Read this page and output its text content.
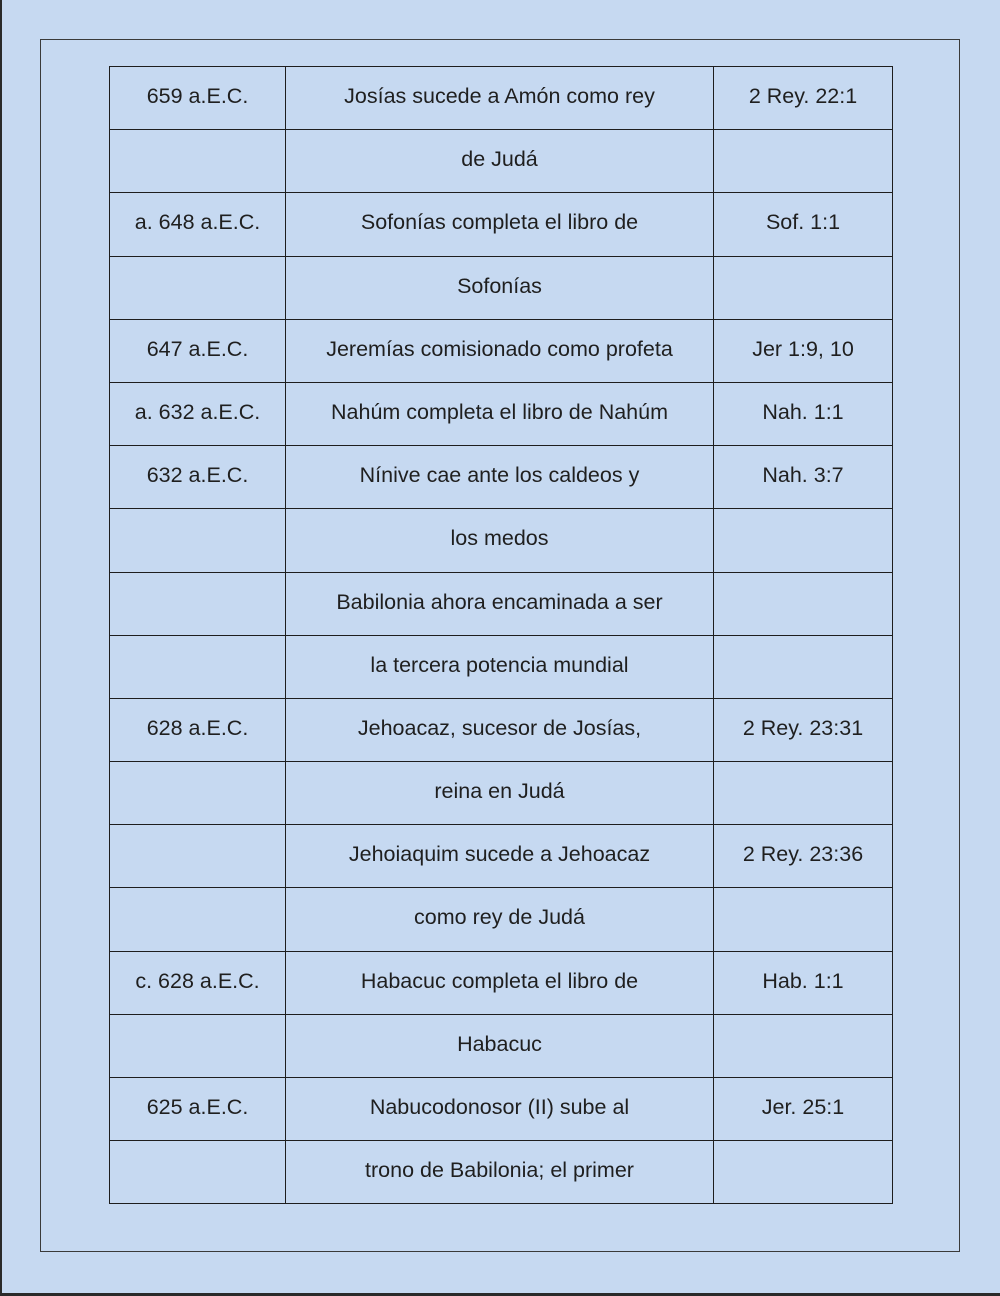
659 a.E.C.	Josías sucede a Amón como rey	2 Rey. 22:1
	de Judá	
a. 648 a.E.C.	Sofonías completa el libro de	Sof. 1:1
	Sofonías	
647 a.E.C.	Jeremías comisionado como profeta	Jer 1:9, 10
a. 632 a.E.C.	Nahúm completa el libro de Nahúm	Nah. 1:1
632 a.E.C.	Nínive cae ante los caldeos y	Nah. 3:7
	los medos	
	Babilonia ahora encaminada a ser	
	la tercera potencia mundial	
628 a.E.C.	Jehoacaz, sucesor de Josías,	2 Rey. 23:31
	reina en Judá	
	Jehoiaquim sucede a Jehoacaz	2 Rey. 23:36
	como rey de Judá	
c. 628 a.E.C.	Habacuc completa el libro de	Hab. 1:1
	Habacuc	
625 a.E.C.	Nabucodonosor (II) sube al	Jer. 25:1
	trono de Babilonia; el primer	
